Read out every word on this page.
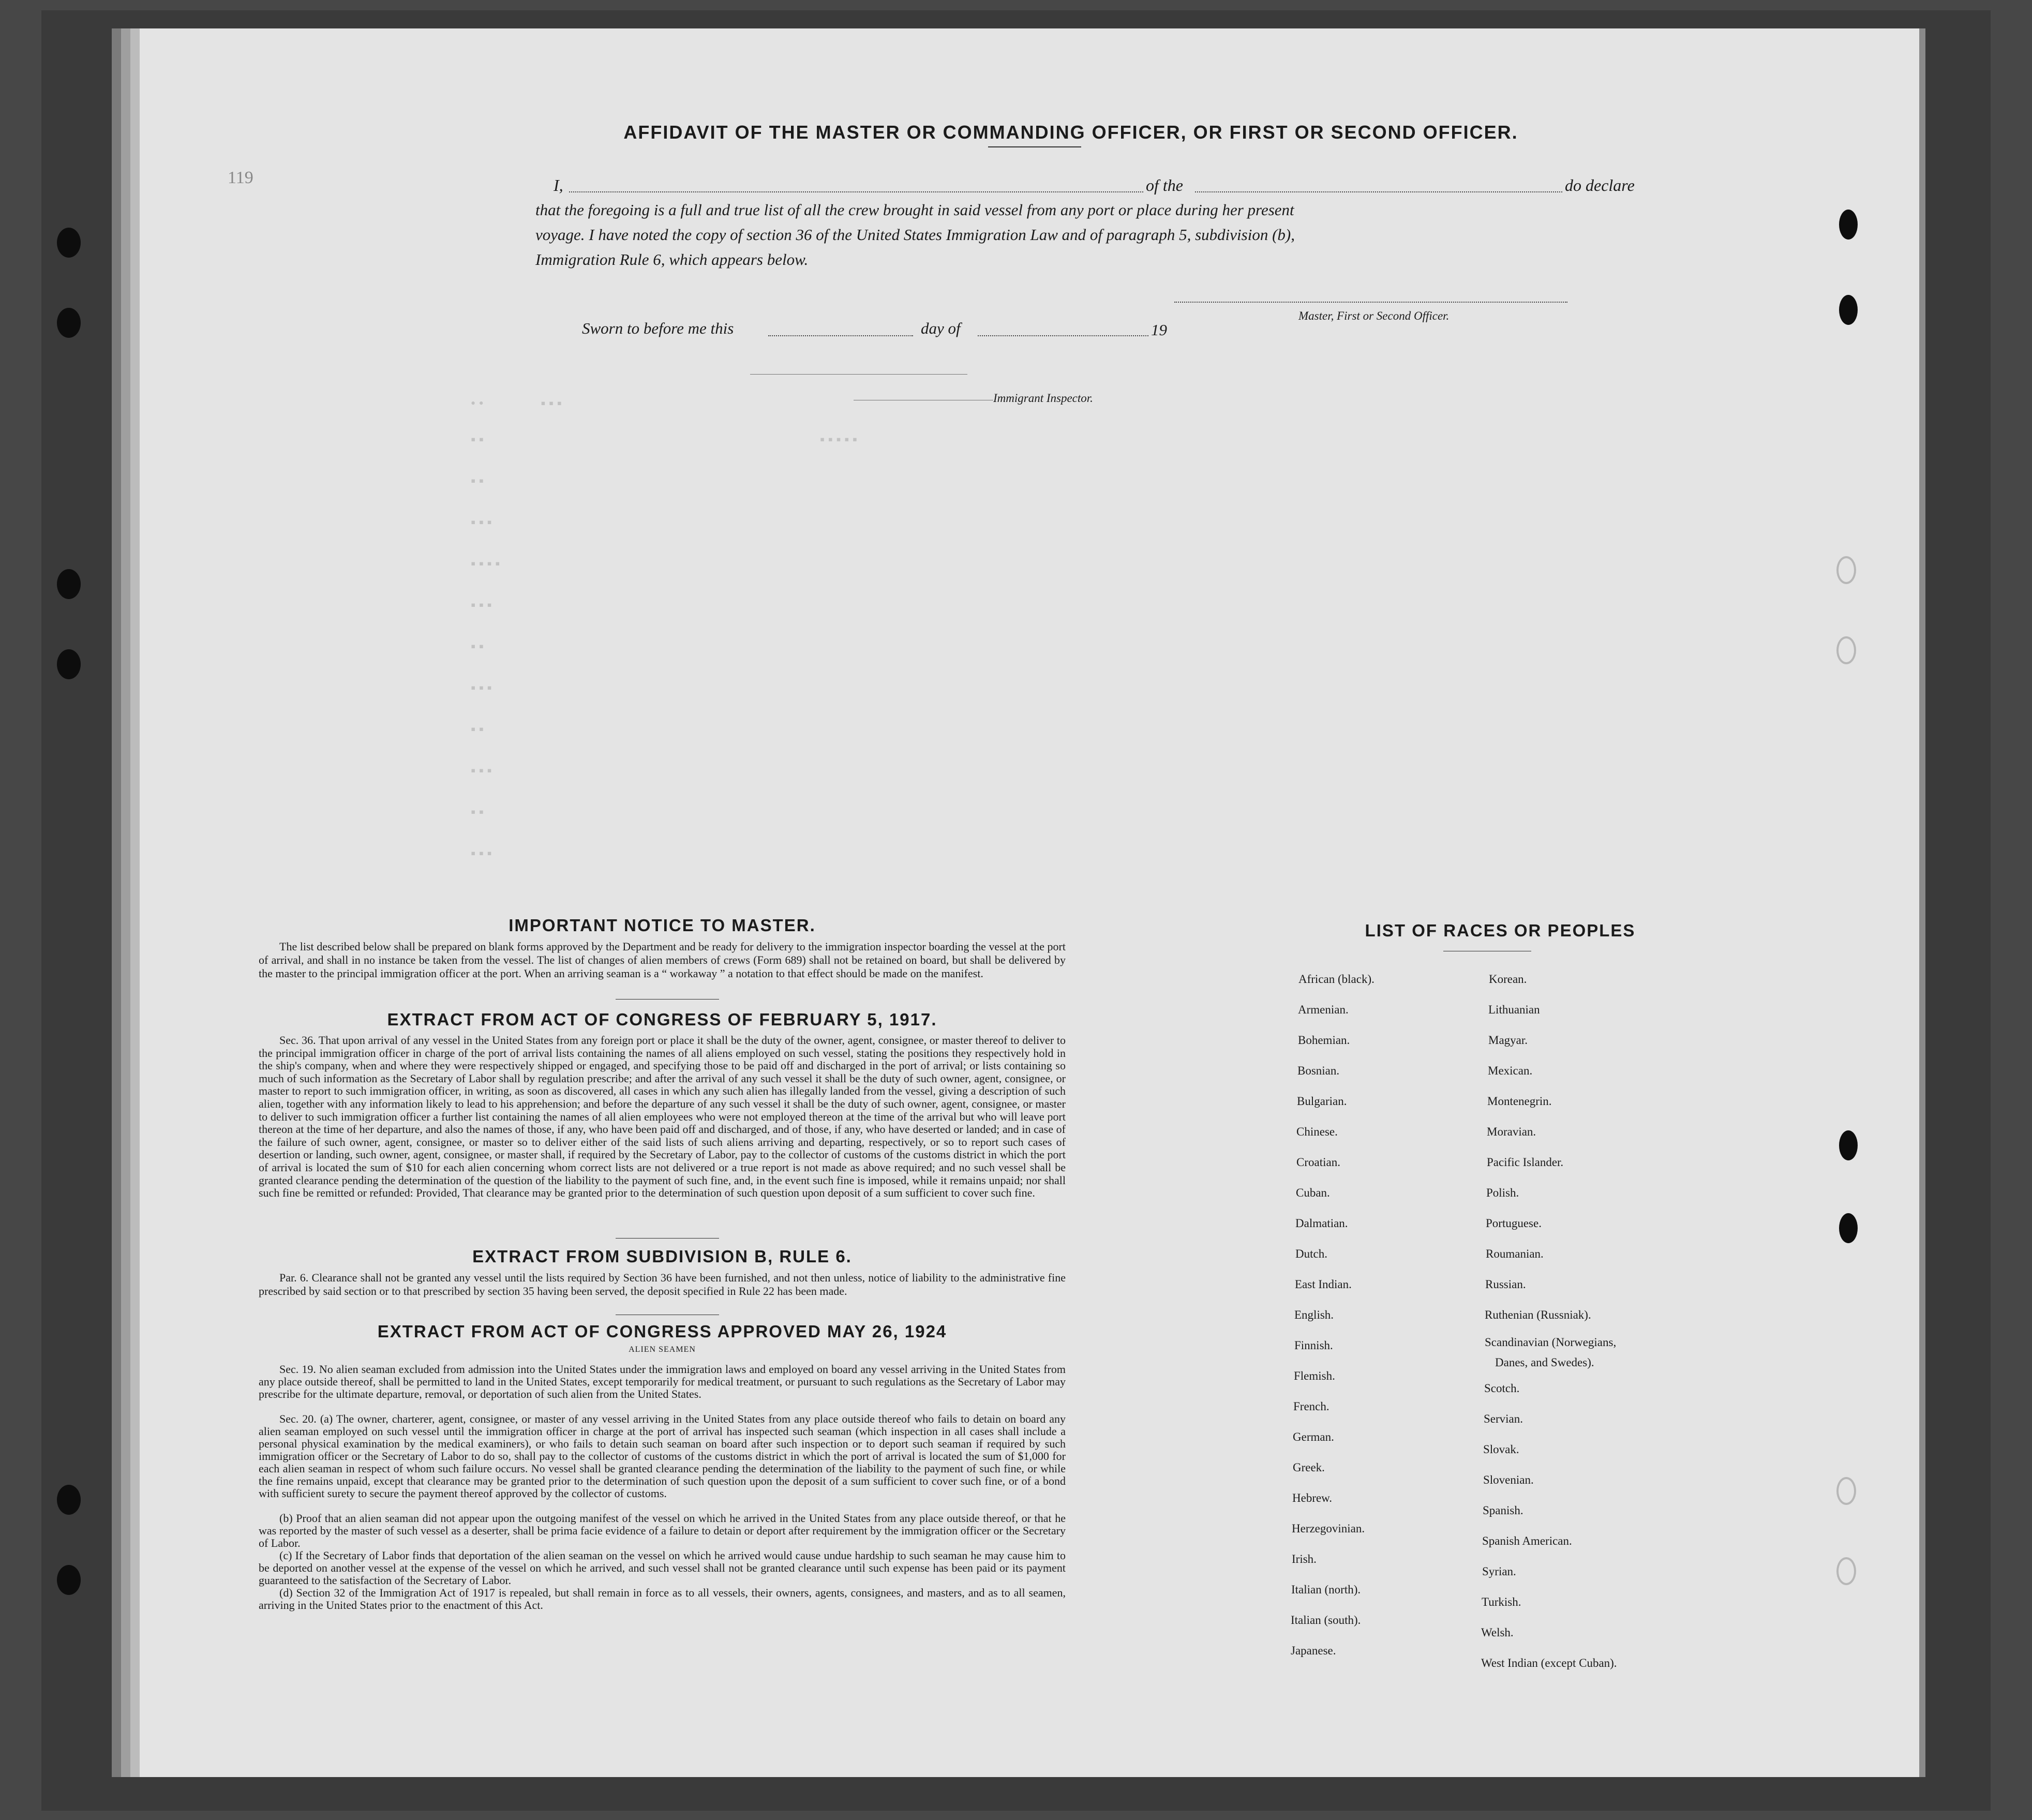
119
AFFIDAVIT OF THE MASTER OR COMMANDING OFFICER, OR FIRST OR SECOND OFFICER.
I,	of the	do declare
that the foregoing is a full and true list of all the crew brought in said vessel from any port or place during her present
voyage. I have noted the copy of section 36 of the United States Immigration Law and of paragraph 5, subdivision (b),
Immigration Rule 6, which appears below.
Master, First or Second Officer.
Sworn to before me this	day of	19
Immigrant Inspector.
• •                 ▪ ▪ ▪
▪ ▪                                                                                                    ▪ ▪ ▪ ▪ ▪
▪ ▪
▪ ▪ ▪
▪ ▪ ▪ ▪
▪ ▪ ▪
▪ ▪
▪ ▪ ▪
▪ ▪
▪ ▪ ▪
▪ ▪
▪ ▪ ▪
IMPORTANT NOTICE TO MASTER.
The list described below shall be prepared on blank forms approved by the Department and be ready for delivery to the immigration inspector boarding the vessel at the port of arrival, and shall in no instance be taken from the vessel. The list of changes of alien members of crews (Form 689) shall not be retained on board, but shall be delivered by the master to the principal immigration officer at the port. When an arriving seaman is a “ workaway ” a notation to that effect should be made on the manifest.
EXTRACT FROM ACT OF CONGRESS OF FEBRUARY 5, 1917.
Sec. 36. That upon arrival of any vessel in the United States from any foreign port or place it shall be the duty of the owner, agent, consignee, or master thereof to deliver to the principal immigration officer in charge of the port of arrival lists containing the names of all aliens employed on such vessel, stating the positions they respectively hold in the ship's company, when and where they were respectively shipped or engaged, and specifying those to be paid off and discharged in the port of arrival; or lists containing so much of such information as the Secretary of Labor shall by regulation prescribe; and after the arrival of any such vessel it shall be the duty of such owner, agent, consignee, or master to report to such immigration officer, in writing, as soon as discovered, all cases in which any such alien has illegally landed from the vessel, giving a description of such alien, together with any information likely to lead to his apprehension; and before the departure of any such vessel it shall be the duty of such owner, agent, consignee, or master to deliver to such immigration officer a further list containing the names of all alien employees who were not employed thereon at the time of the arrival but who will leave port thereon at the time of her departure, and also the names of those, if any, who have been paid off and discharged, and of those, if any, who have deserted or landed; and in case of the failure of such owner, agent, consignee, or master so to deliver either of the said lists of such aliens arriving and departing, respectively, or so to report such cases of desertion or landing, such owner, agent, consignee, or master shall, if required by the Secretary of Labor, pay to the collector of customs of the customs district in which the port of arrival is located the sum of $10 for each alien concerning whom correct lists are not delivered or a true report is not made as above required; and no such vessel shall be granted clearance pending the determination of the question of the liability to the payment of such fine, and, in the event such fine is imposed, while it remains unpaid; nor shall such fine be remitted or refunded: Provided, That clearance may be granted prior to the determination of such question upon deposit of a sum sufficient to cover such fine.
EXTRACT FROM SUBDIVISION B, RULE 6.
Par. 6. Clearance shall not be granted any vessel until the lists required by Section 36 have been furnished, and not then unless, notice of liability to the administrative fine prescribed by said section or to that prescribed by section 35 having been served, the deposit specified in Rule 22 has been made.
EXTRACT FROM ACT OF CONGRESS APPROVED MAY 26, 1924
ALIEN SEAMEN
Sec. 19. No alien seaman excluded from admission into the United States under the immigration laws and employed on board any vessel arriving in the United States from any place outside thereof, shall be permitted to land in the United States, except temporarily for medical treatment, or pursuant to such regulations as the Secretary of Labor may prescribe for the ultimate departure, removal, or deportation of such alien from the United States.
Sec. 20. (a) The owner, charterer, agent, consignee, or master of any vessel arriving in the United States from any place outside thereof who fails to detain on board any alien seaman employed on such vessel until the immigration officer in charge at the port of arrival has inspected such seaman (which inspection in all cases shall include a personal physical examination by the medical examiners), or who fails to detain such seaman on board after such inspection or to deport such seaman if required by such immigration officer or the Secretary of Labor to do so, shall pay to the collector of customs of the customs district in which the port of arrival is located the sum of $1,000 for each alien seaman in respect of whom such failure occurs. No vessel shall be granted clearance pending the determination of the liability to the payment of such fine, or while the fine remains unpaid, except that clearance may be granted prior to the determination of such question upon the deposit of a sum sufficient to cover such fine, or of a bond with sufficient surety to secure the payment thereof approved by the collector of customs.
(b) Proof that an alien seaman did not appear upon the outgoing manifest of the vessel on which he arrived in the United States from any place outside thereof, or that he was reported by the master of such vessel as a deserter, shall be prima facie evidence of a failure to detain or deport after requirement by the immigration officer or the Secretary of Labor.
(c) If the Secretary of Labor finds that deportation of the alien seaman on the vessel on which he arrived would cause undue hardship to such seaman he may cause him to be deported on another vessel at the expense of the vessel on which he arrived, and such vessel shall not be granted clearance until such expense has been paid or its payment guaranteed to the satisfaction of the Secretary of Labor.
(d) Section 32 of the Immigration Act of 1917 is repealed, but shall remain in force as to all vessels, their owners, agents, consignees, and masters, and as to all seamen, arriving in the United States prior to the enactment of this Act.
LIST OF RACES OR PEOPLES
Danes, and Swedes).
African (black).
Armenian.
Bohemian.
Bosnian.
Bulgarian.
Chinese.
Croatian.
Cuban.
Dalmatian.
Dutch.
East Indian.
English.
Finnish.
Flemish.
French.
German.
Greek.
Hebrew.
Herzegovinian.
Irish.
Italian (north).
Italian (south).
Japanese.
Korean.
Lithuanian
Magyar.
Mexican.
Montenegrin.
Moravian.
Pacific Islander.
Polish.
Portuguese.
Roumanian.
Russian.
Ruthenian (Russniak).
Scandinavian (Norwegians,
Scotch.
Servian.
Slovak.
Slovenian.
Spanish.
Spanish American.
Syrian.
Turkish.
Welsh.
West Indian (except Cuban).
